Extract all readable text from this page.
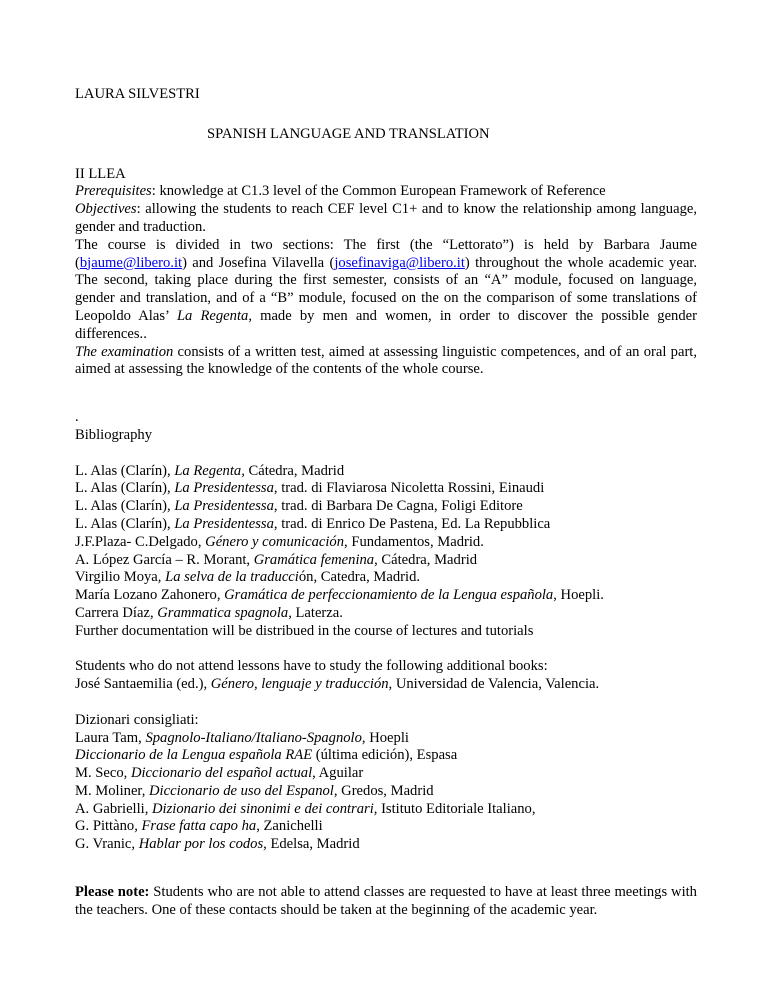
LAURA SILVESTRI
SPANISH LANGUAGE AND TRANSLATION
II LLEA
Prerequisites: knowledge at C1.3 level of the Common European Framework of Reference
Objectives: allowing the students to reach CEF level C1+ and to know the relationship among language, gender and traduction.
The course is divided in two sections: The first (the “Lettorato”) is held by Barbara Jaume (bjaume@libero.it) and Josefina Vilavella (josefinaviga@libero.it) throughout the whole academic year. The second, taking place during the first semester, consists of an “A” module, focused on language, gender and translation, and of a “B” module, focused on the on the comparison of some translations of Leopoldo Alas’ La Regenta, made by men and women, in order to discover the possible gender differences..
The examination consists of a written test, aimed at assessing linguistic competences, and of an oral part, aimed at assessing the knowledge of the contents of the whole course.
.
Bibliography
L. Alas (Clarín), La Regenta, Cátedra, Madrid
L. Alas (Clarín), La Presidentessa, trad. di Flaviarosa Nicoletta Rossini, Einaudi
L. Alas (Clarín), La Presidentessa, trad. di Barbara De Cagna, Foligi Editore
L. Alas (Clarín), La Presidentessa, trad. di Enrico De Pastena, Ed. La Repubblica
J.F.Plaza- C.Delgado, Género y comunicación, Fundamentos, Madrid.
A. López García – R. Morant, Gramática femenina, Cátedra, Madrid
Virgilio Moya, La selva de la traducción, Catedra, Madrid.
María Lozano Zahonero, Gramática de perfeccionamiento de la Lengua española, Hoepli.
Carrera Díaz, Grammatica spagnola, Laterza.
Further documentation will be distribued in the course of lectures and tutorials
Students who do not attend lessons have to study the following additional books:
José Santaemilia (ed.), Género, lenguaje y traducción, Universidad de Valencia, Valencia.
Dizionari consigliati:
Laura Tam, Spagnolo-Italiano/Italiano-Spagnolo, Hoepli
Diccionario de la Lengua española RAE (última edición), Espasa
M. Seco, Diccionario del español actual, Aguilar
M. Moliner, Diccionario de uso del Espanol, Gredos, Madrid
A. Gabrielli, Dizionario dei sinonimi e dei contrari, Istituto Editoriale Italiano,
G. Pittàno, Frase fatta capo ha, Zanichelli
G. Vranic, Hablar por los codos, Edelsa, Madrid
Please note: Students who are not able to attend classes are requested to have at least three meetings with the teachers. One of these contacts should be taken at the beginning of the academic year.
